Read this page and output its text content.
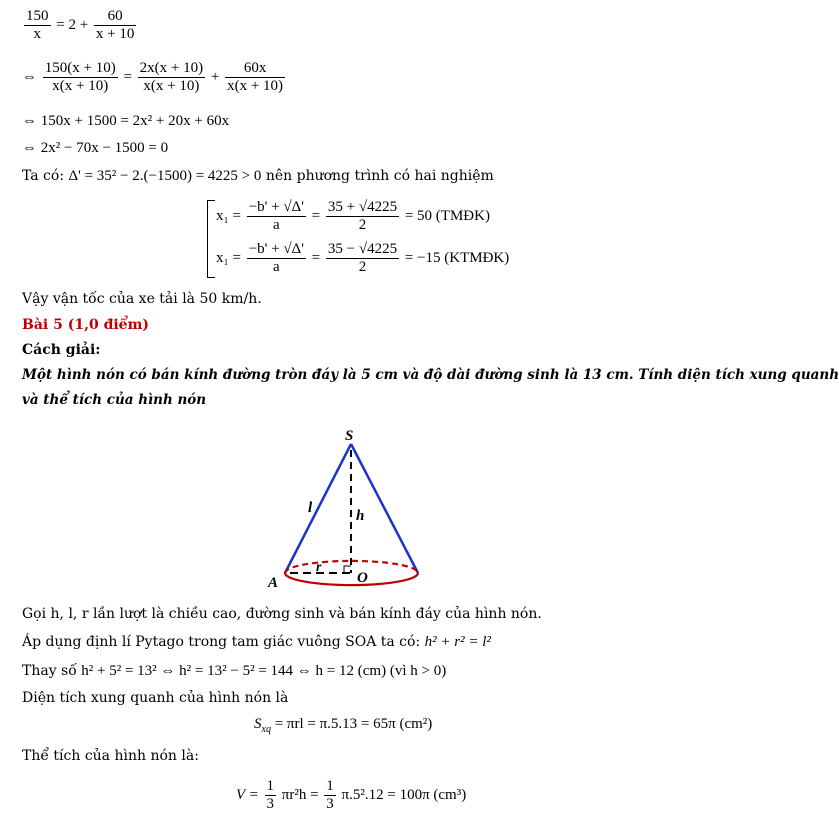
$\frac{150}{x} = 2 + \frac{60}{x + 10}$
⇔ $\frac{150(x + 10)}{x(x + 10)} = \frac{2x(x + 10)}{x(x + 10)} + \frac{60x}{x(x + 10)}$
⇔ 150x + 1500 = 2x² + 20x + 60x
⇔ 2x² − 70x − 1500 = 0
Ta có: Δ' = 35² − 2.(−1500) = 4225 > 0 nên phương trình có hai nghiệm
$x_1 = \frac{-b' + √\Delta'}{a} = \frac{35 + √4225}{2} = 50$ (TMĐK)
$x_1 = \frac{-b' + √\Delta'}{a} = \frac{35 - √4225}{2} = -15$ (KTMĐK)
Vậy vận tốc của xe tải là 50 km/h.
Bài 5 (1,0 điểm)
Cách giải:
Một hình nón có bán kính đường tròn đáy là 5 cm và độ dài đường sinh là 13 cm. Tính diện tích xung quanh
và thể tích của hình nón
S
l	h
r
A	O
Gọi h, l, r lần lượt là chiều cao, đường sinh và bán kính đáy của hình nón.
Áp dụng định lí Pytago trong tam giác vuông SOA ta có: h² + r² = l²
Thay số h² + 5² = 13² ⇔ h² = 13² − 5² = 144 ⇔ h = 12 (cm) (vì h > 0)
Diện tích xung quanh của hình nón là
$S_{xq} = \pi rl = \pi.5.13 = 65\pi$ (cm²)
Thể tích của hình nón là:
$V = \frac{1}{3} \pi r^2h = \frac{1}{3} \pi.5^2.12 = 100\pi$ (cm³)
